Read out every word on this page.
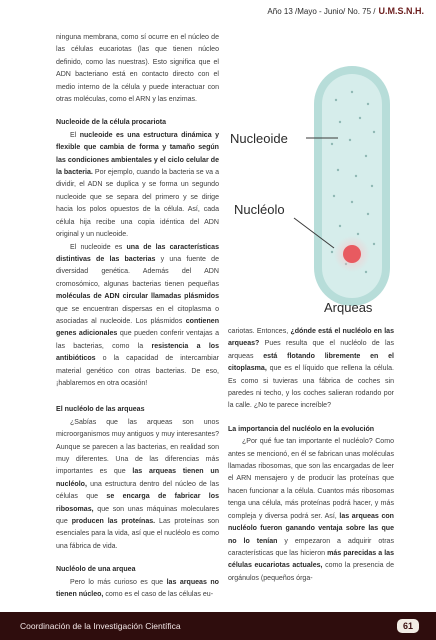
Año 13 /Mayo - Junio/ No. 75 / U.M.S.N.H.

ninguna membrana, como sí ocurre en el núcleo de las células eucariotas (las que tienen núcleo definido, como las nuestras). Esto significa que el ADN bacteriano está en contacto directo con el medio interno de la célula y puede interactuar con otras moléculas, como el ARN y las enzimas.

Nucleoide de la célula procariota

El nucleoide es una estructura dinámica y flexible que cambia de forma y tamaño según las condiciones ambientales y el ciclo celular de la bacteria. Por ejemplo, cuando la bacteria se va a dividir, el ADN se duplica y se forma un segundo nucleoide que se separa del primero y se dirige hacia los polos opuestos de la célula. Así, cada célula hija recibe una copia idéntica del ADN original y un nucleoide.

El nucleoide es una de las características distintivas de las bacterias y una fuente de diversidad genética. Además del ADN cromosómico, algunas bacterias tienen pequeñas moléculas de ADN circular llamadas plásmidos que se encuentran dispersas en el citoplasma o asociadas al nucleoide. Los plásmidos contienen genes adicionales que pueden conferir ventajas a las bacterias, como la resistencia a los antibióticos o la capacidad de intercambiar material genético con otras bacterias. De eso, ¡hablaremos en otra ocasión!

El nucléolo de las arqueas

¿Sabías que las arqueas son unos microorganismos muy antiguos y muy interesantes? Aunque se parecen a las bacterias, en realidad son muy diferentes. Una de las diferencias más importantes es que las arqueas tienen un nucléolo, una estructura dentro del núcleo de las células que se encarga de fabricar los ribosomas, que son unas máquinas moleculares que producen las proteínas. Las proteínas son esenciales para la vida, así que el nucléolo es como una fábrica de vida.

Nucléolo de una arquea

Pero lo más curioso es que las arqueas no tienen núcleo, como es el caso de las células eu-

Nucleoide
Nucléolo
Arqueas

cariotas. Entonces, ¿dónde está el nucléolo en las arqueas? Pues resulta que el nucléolo de las arqueas está flotando libremente en el citoplasma, que es el líquido que rellena la célula. Es como si tuvieras una fábrica de coches sin paredes ni techo, y los coches salieran rodando por la calle. ¿No te parece increíble?

La importancia del nucléolo en la evolución

¿Por qué fue tan importante el nucléolo? Como antes se mencionó, en él se fabrican unas moléculas llamadas ribosomas, que son las encargadas de leer el ARN mensajero y de producir las proteínas que hacen funcionar a la célula. Cuantos más ribosomas tenga una célula, más proteínas podrá hacer, y más compleja y diversa podrá ser. Así, las arqueas con nucléolo fueron ganando ventaja sobre las que no lo tenían y empezaron a adquirir otras características que las hicieron más parecidas a las células eucariotas actuales, como la presencia de orgánulos (pequeños órga-

Coordinación de la Investigación Científica	61
